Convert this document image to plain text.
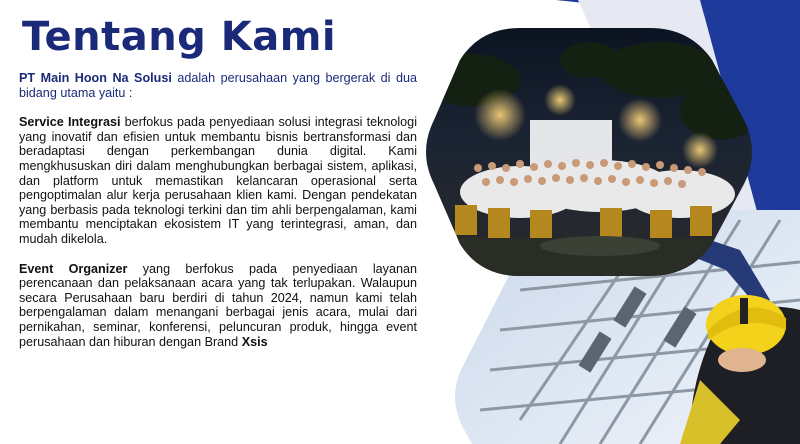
Tentang Kami

PT Main Hoon Na Solusi adalah perusahaan yang bergerak di dua bidang utama yaitu :

Service Integrasi berfokus pada penyediaan solusi integrasi teknologi yang inovatif dan efisien untuk membantu bisnis bertransformasi dan beradaptasi dengan perkembangan dunia digital. Kami mengkhususkan diri dalam menghubungkan berbagai sistem, aplikasi, dan platform untuk memastikan kelancaran operasional serta pengoptimalan alur kerja perusahaan klien kami. Dengan pendekatan yang berbasis pada teknologi terkini dan tim ahli berpengalaman, kami membantu menciptakan ekosistem IT yang terintegrasi, aman, dan mudah dikelola.

Event Organizer yang berfokus pada penyediaan layanan perencanaan dan pelaksanaan acara yang tak terlupakan. Walaupun secara Perusahaan baru berdiri di tahun 2024, namun kami telah berpengalaman dalam menangani berbagai jenis acara, mulai dari pernikahan, seminar, konferensi, peluncuran produk, hingga event perusahaan dan hiburan dengan Brand Xsis
